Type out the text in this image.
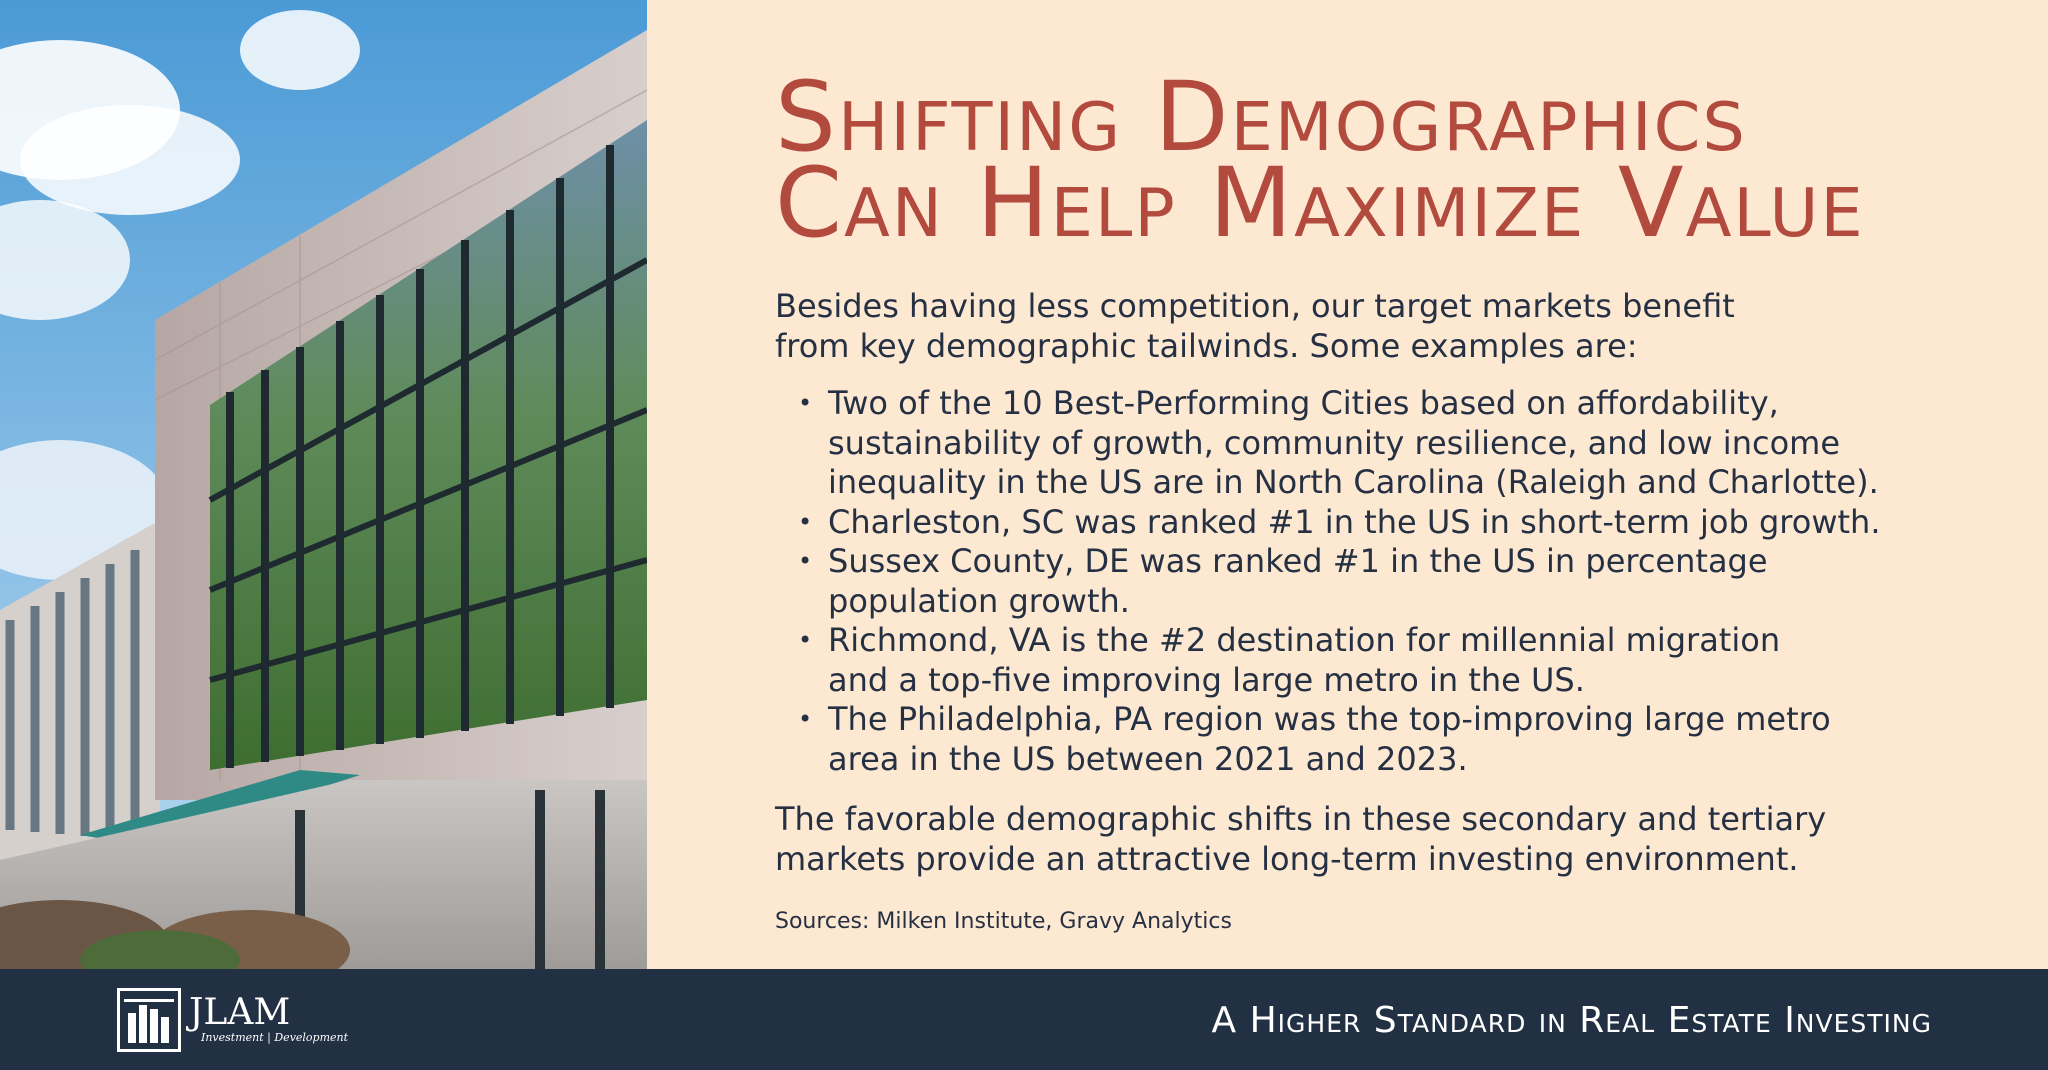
Shifting Demographics
Can Help Maximize Value

Besides having less competition, our target markets benefit
from key demographic tailwinds. Some examples are:

• Two of the 10 Best-Performing Cities based on affordability,
sustainability of growth, community resilience, and low income
inequality in the US are in North Carolina (Raleigh and Charlotte).
• Charleston, SC was ranked #1 in the US in short-term job growth.
• Sussex County, DE was ranked #1 in the US in percentage
population growth.
• Richmond, VA is the #2 destination for millennial migration
and a top-five improving large metro in the US.
• The Philadelphia, PA region was the top-improving large metro
area in the US between 2021 and 2023.

The favorable demographic shifts in these secondary and tertiary
markets provide an attractive long-term investing environment.

Sources: Milken Institute, Gravy Analytics

JLAM
Investment | Development	A Higher Standard in Real Estate Investing
